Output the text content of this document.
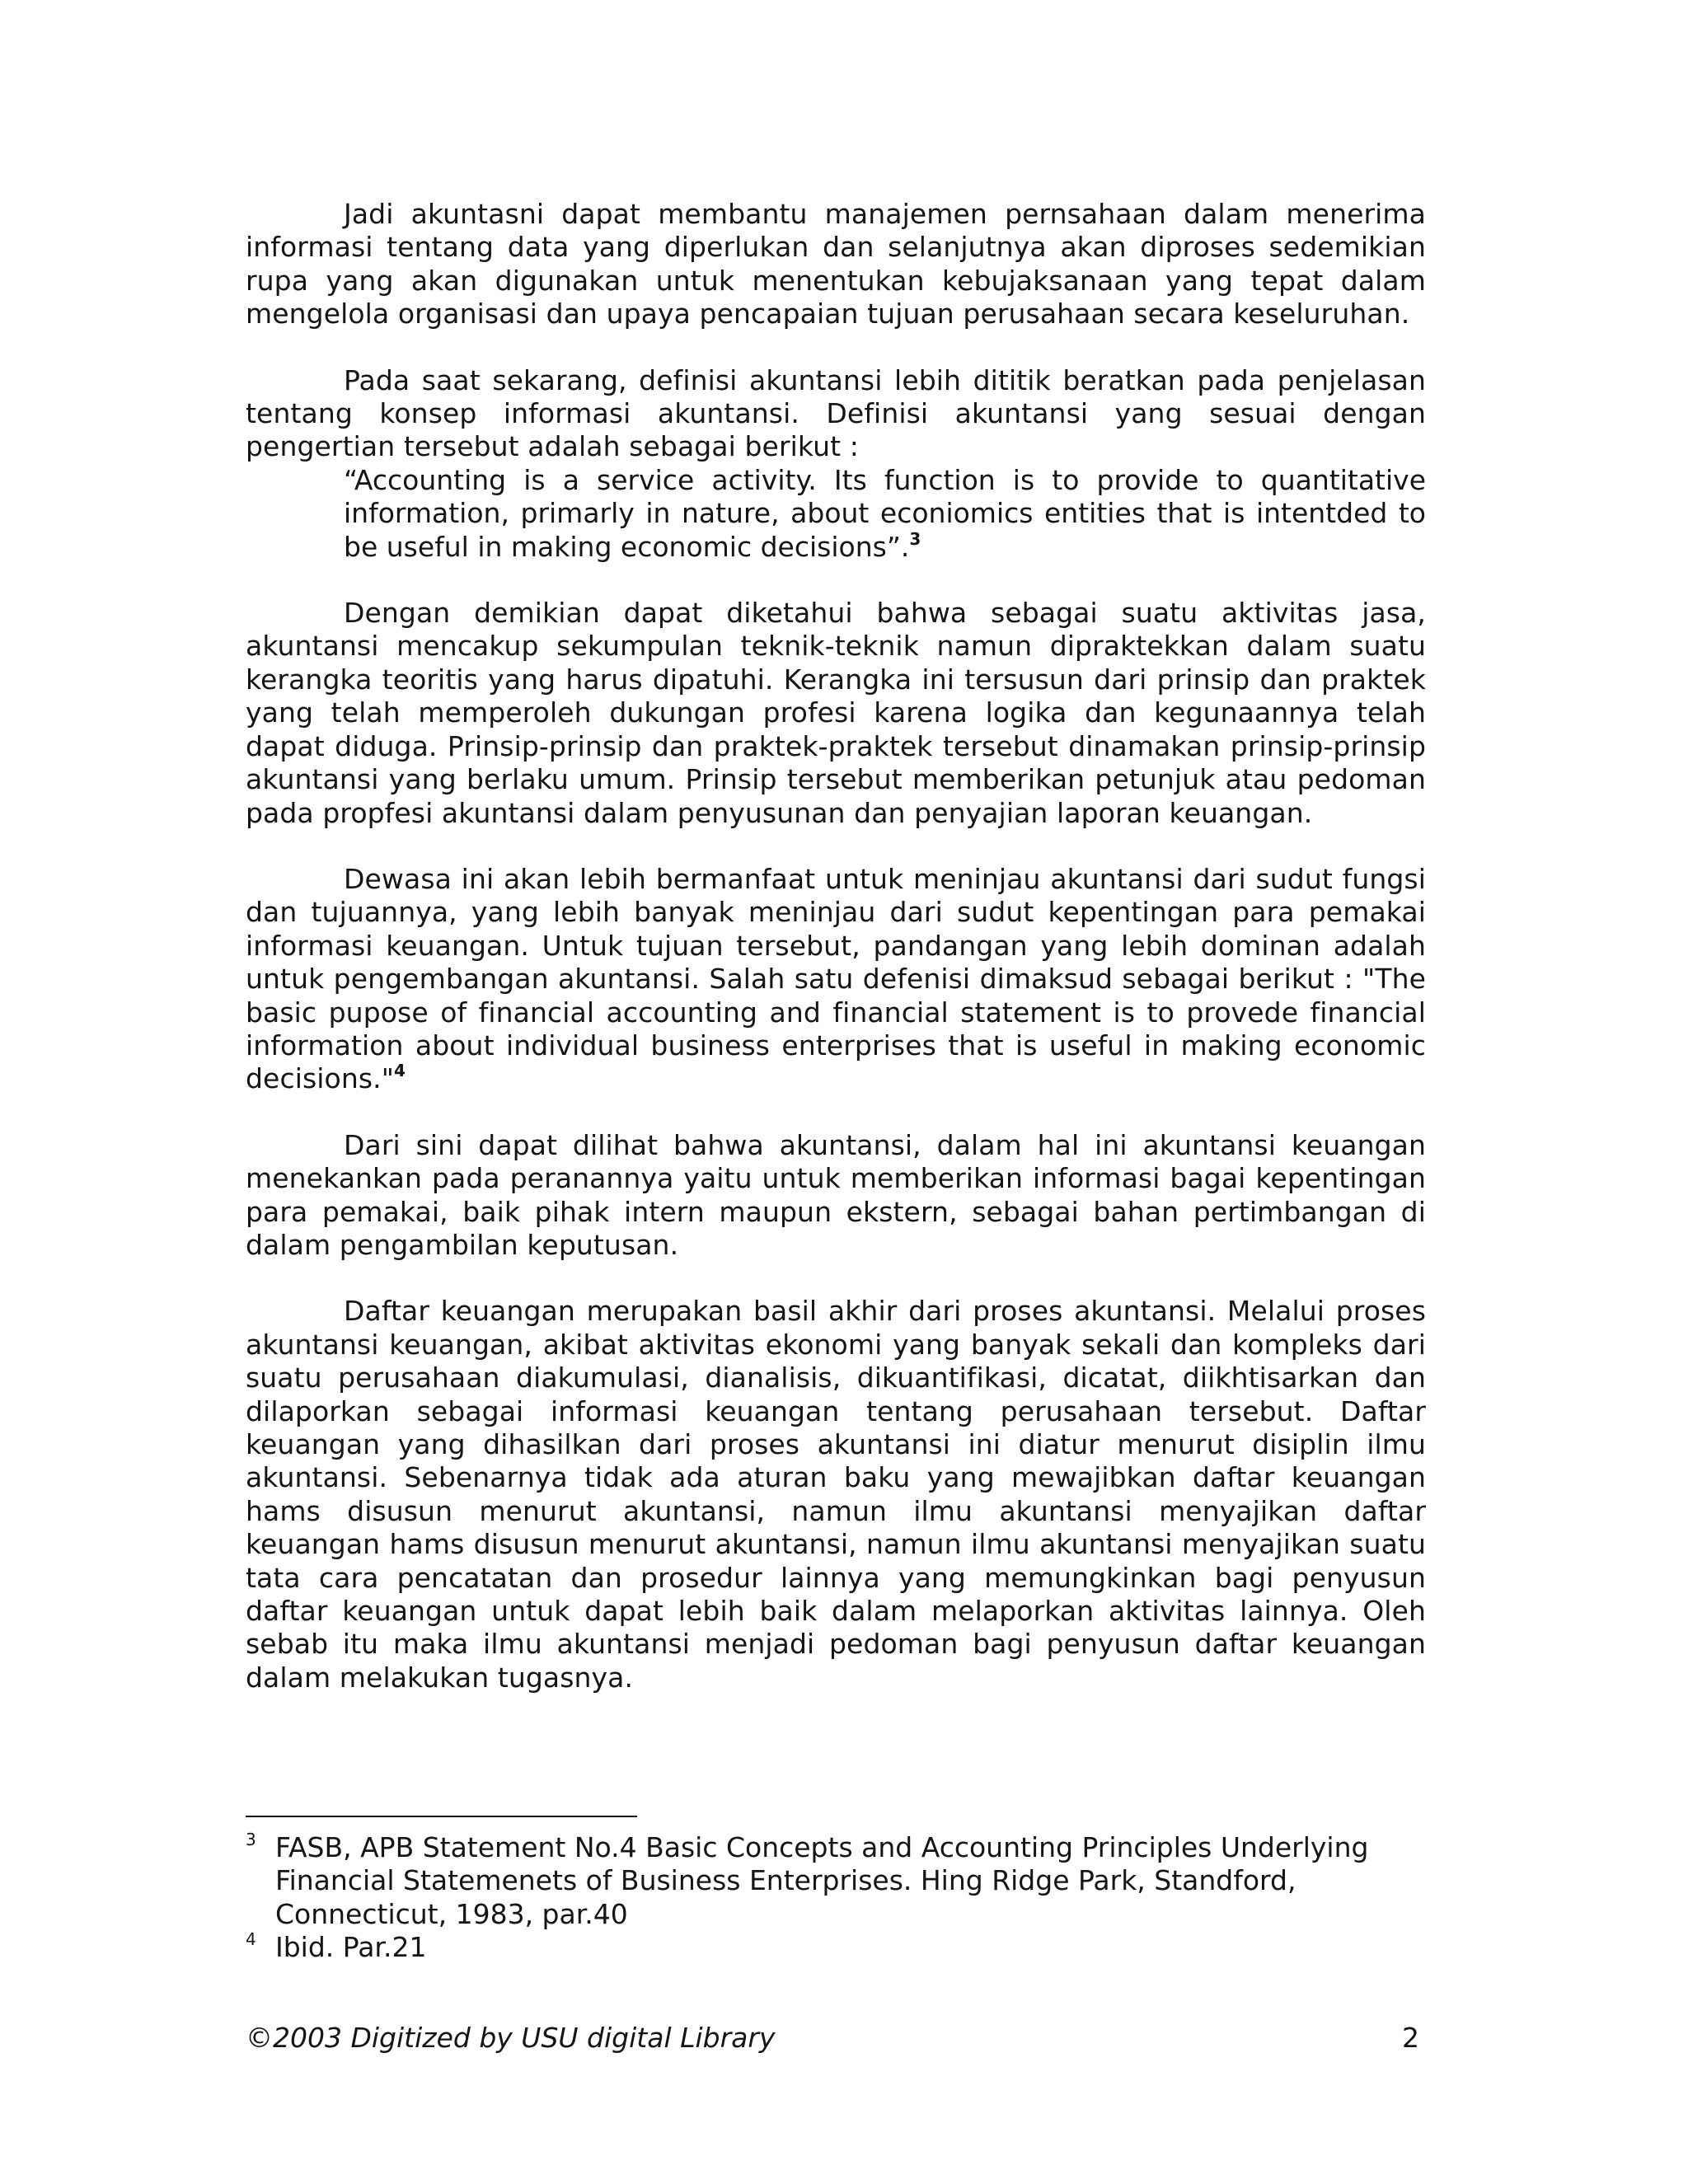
Jadi akuntasni dapat membantu manajemen pernsahaan dalam menerima informasi tentang data yang diperlukan dan selanjutnya akan diproses sedemikian rupa yang akan digunakan untuk menentukan kebujaksanaan yang tepat dalam mengelola organisasi dan upaya pencapaian tujuan perusahaan secara keseluruhan.

Pada saat sekarang, definisi akuntansi lebih dititik beratkan pada penjelasan tentang konsep informasi akuntansi. Definisi akuntansi yang sesuai dengan pengertian tersebut adalah sebagai berikut :

“Accounting is a service activity. Its function is to provide to quantitative information, primarly in nature, about econiomics entities that is intentded to be useful in making economic decisions”.$^3$

Dengan demikian dapat diketahui bahwa sebagai suatu aktivitas jasa, akuntansi mencakup sekumpulan teknik-teknik namun dipraktekkan dalam suatu kerangka teoritis yang harus dipatuhi. Kerangka ini tersusun dari prinsip dan praktek yang telah memperoleh dukungan profesi karena logika dan kegunaannya telah dapat diduga. Prinsip-prinsip dan praktek-praktek tersebut dinamakan prinsip-prinsip akuntansi yang berlaku umum. Prinsip tersebut memberikan petunjuk atau pedoman pada propfesi akuntansi dalam penyusunan dan penyajian laporan keuangan.

Dewasa ini akan lebih bermanfaat untuk meninjau akuntansi dari sudut fungsi dan tujuannya, yang lebih banyak meninjau dari sudut kepentingan para pemakai informasi keuangan. Untuk tujuan tersebut, pandangan yang lebih dominan adalah untuk pengembangan akuntansi. Salah satu defenisi dimaksud sebagai berikut : "The basic pupose of financial accounting and financial statement is to provede financial information about individual business enterprises that is useful in making economic decisions."$^4$

Dari sini dapat dilihat bahwa akuntansi, dalam hal ini akuntansi keuangan menekankan pada peranannya yaitu untuk memberikan informasi bagai kepentingan para pemakai, baik pihak intern maupun ekstern, sebagai bahan pertimbangan di dalam pengambilan keputusan.

Daftar keuangan merupakan basil akhir dari proses akuntansi. Melalui proses akuntansi keuangan, akibat aktivitas ekonomi yang banyak sekali dan kompleks dari suatu perusahaan diakumulasi, dianalisis, dikuantifikasi, dicatat, diikhtisarkan dan dilaporkan sebagai informasi keuangan tentang perusahaan tersebut. Daftar keuangan yang dihasilkan dari proses akuntansi ini diatur menurut disiplin ilmu akuntansi. Sebenarnya tidak ada aturan baku yang mewajibkan daftar keuangan hams disusun menurut akuntansi, namun ilmu akuntansi menyajikan daftar keuangan hams disusun menurut akuntansi, namun ilmu akuntansi menyajikan suatu tata cara pencatatan dan prosedur lainnya yang memungkinkan bagi penyusun daftar keuangan untuk dapat lebih baik dalam melaporkan aktivitas lainnya. Oleh sebab itu maka ilmu akuntansi menjadi pedoman bagi penyusun daftar keuangan dalam melakukan tugasnya.

$^3$ FASB, APB Statement No.4 Basic Concepts and Accounting Principles Underlying Financial Statemenets of Business Enterprises. Hing Ridge Park, Standford, Connecticut, 1983, par.40

$^4$ Ibid. Par.21

©2003 Digitized by USU digital Library	2
